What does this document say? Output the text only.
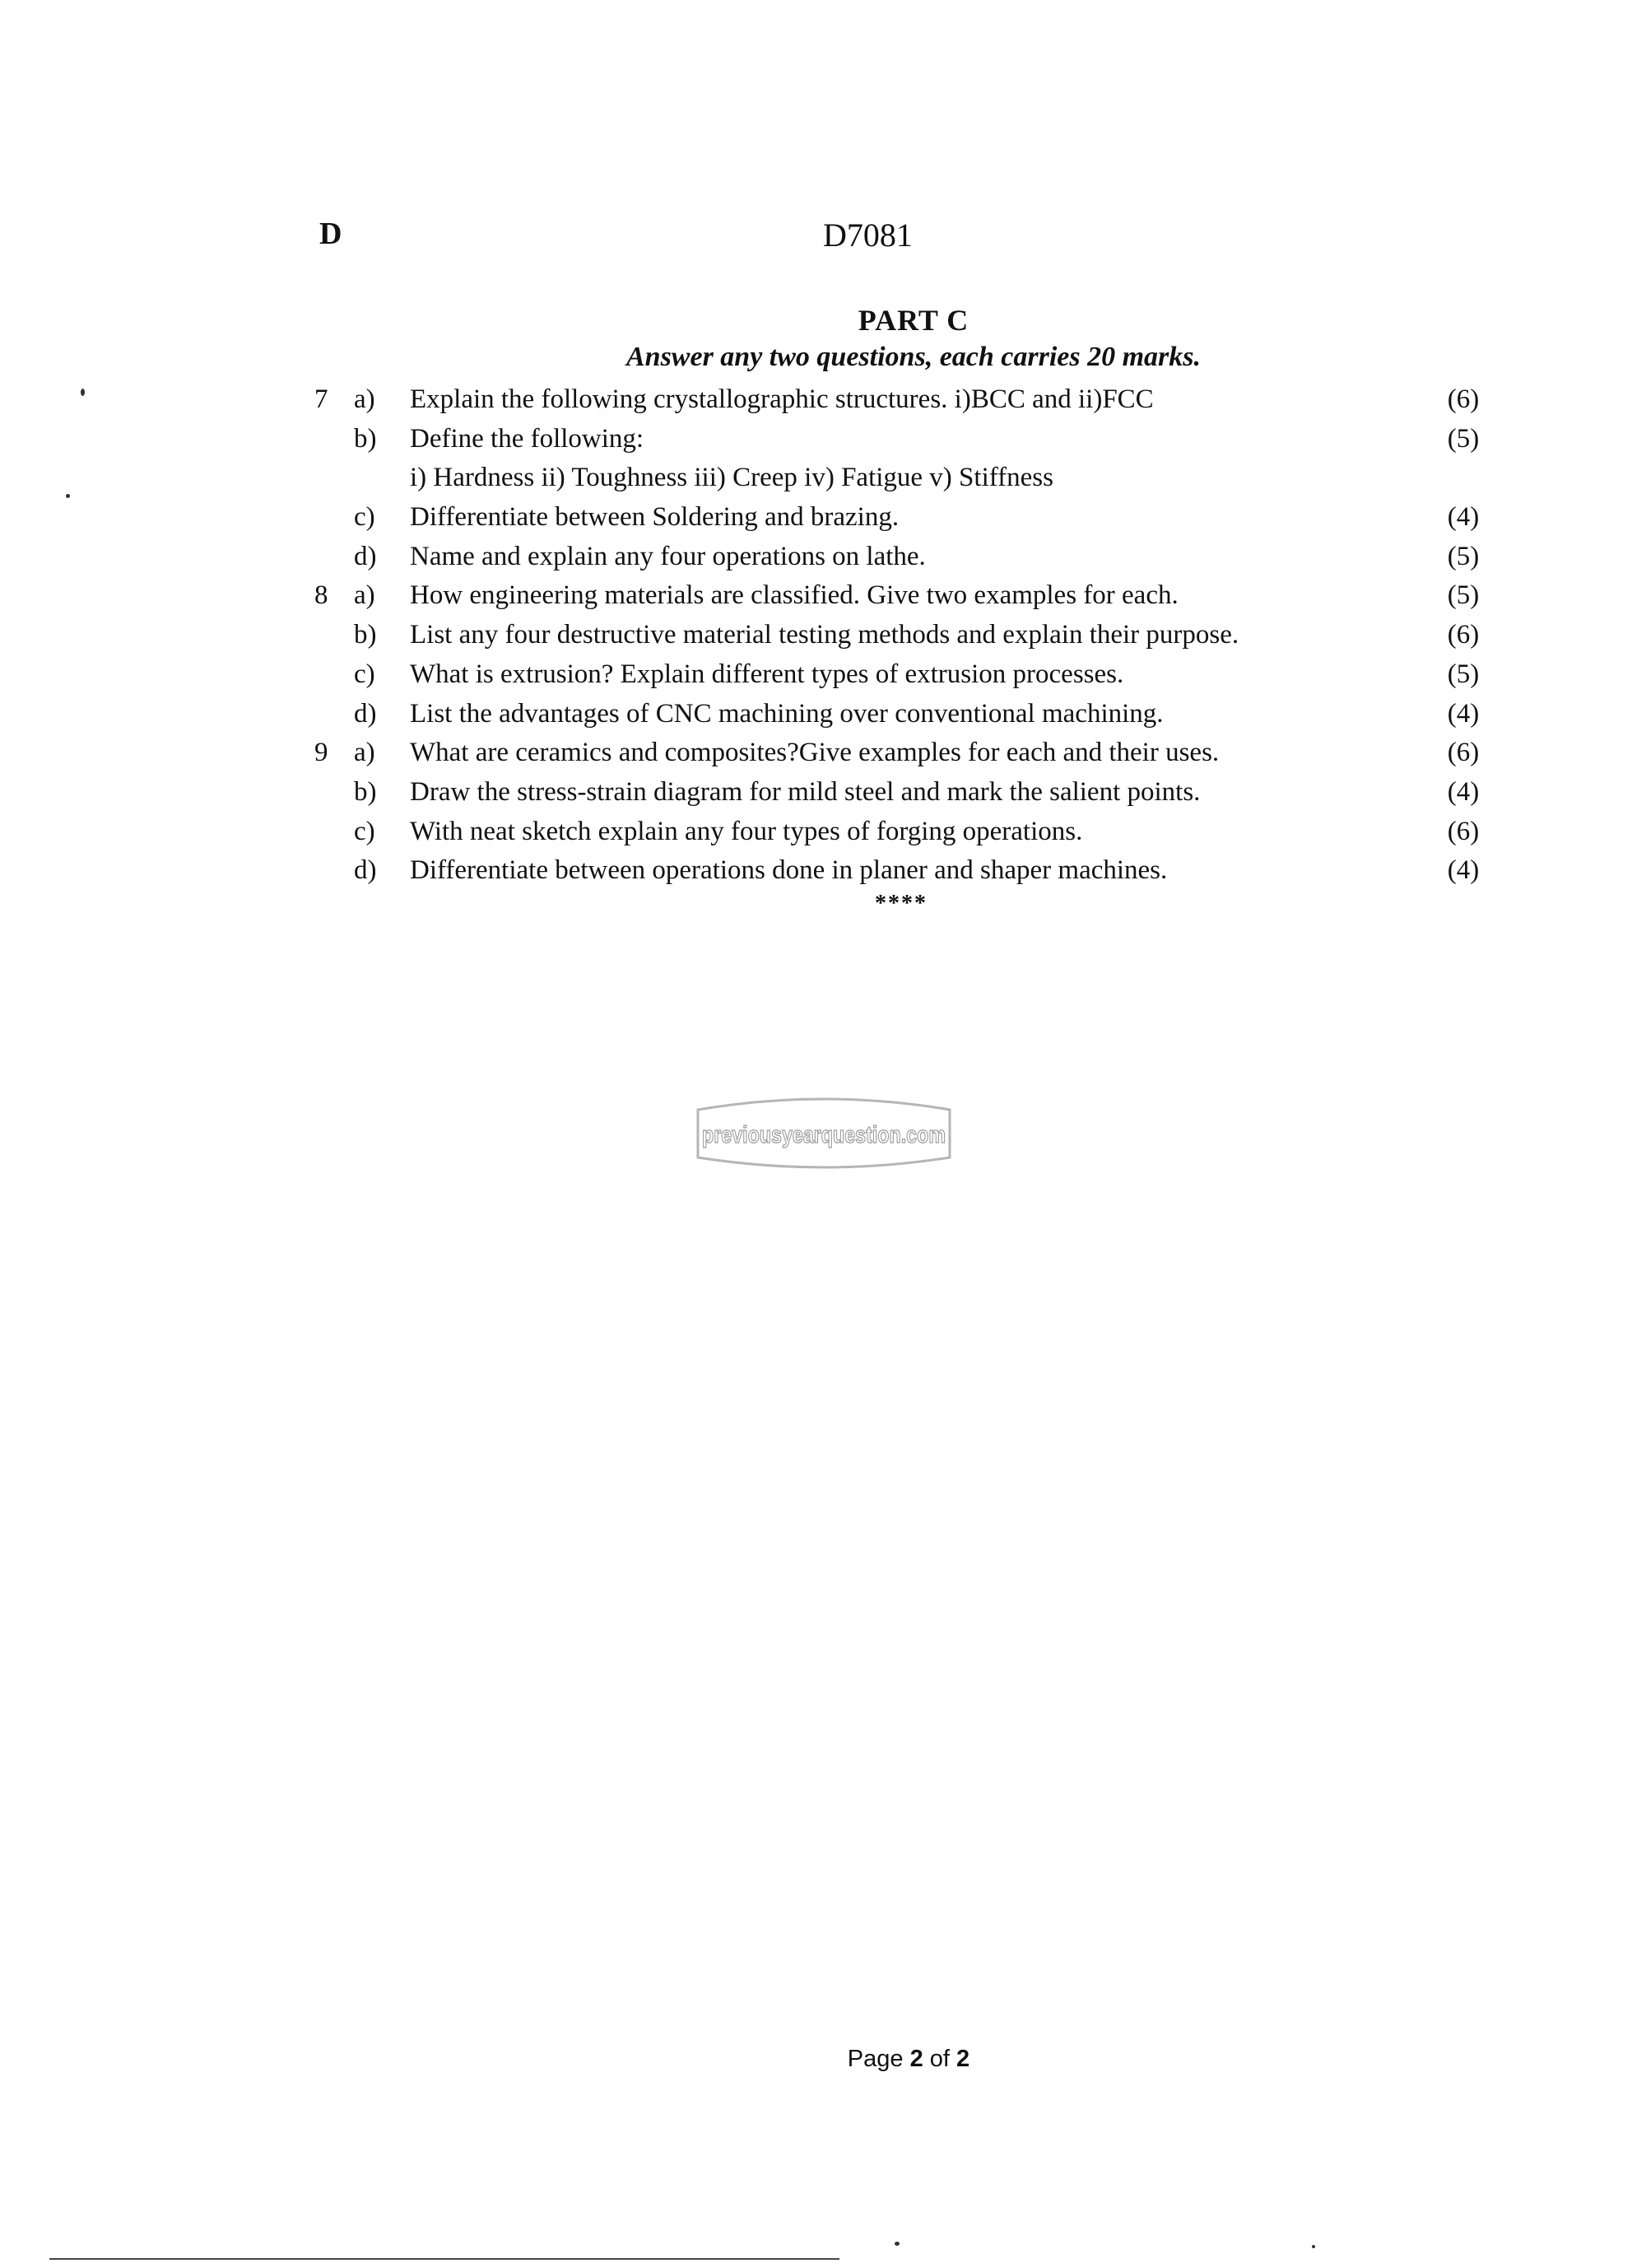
D	D7081
PART C
Answer any two questions, each carries 20 marks.
7 a)	Explain the following crystallographic structures. i)BCC and ii)FCC	(6)
b)	Define the following:	(5)
i) Hardness ii) Toughness iii) Creep iv) Fatigue v) Stiffness
c)	Differentiate between Soldering and brazing.	(4)
d)	Name and explain any four operations on lathe.	(5)
8 a)	How engineering materials are classified. Give two examples for each.	(5)
b)	List any four destructive material testing methods and explain their purpose.	(6)
c)	What is extrusion? Explain different types of extrusion processes.	(5)
d)	List the advantages of CNC machining over conventional machining.	(4)
9 a)	What are ceramics and composites?Give examples for each and their uses.	(6)
b)	Draw the stress-strain diagram for mild steel and mark the salient points.	(4)
c)	With neat sketch explain any four types of forging operations.	(6)
d)	Differentiate between operations done in planer and shaper machines.	(4)
****
previousyearquestion.com
Page 2 of 2
